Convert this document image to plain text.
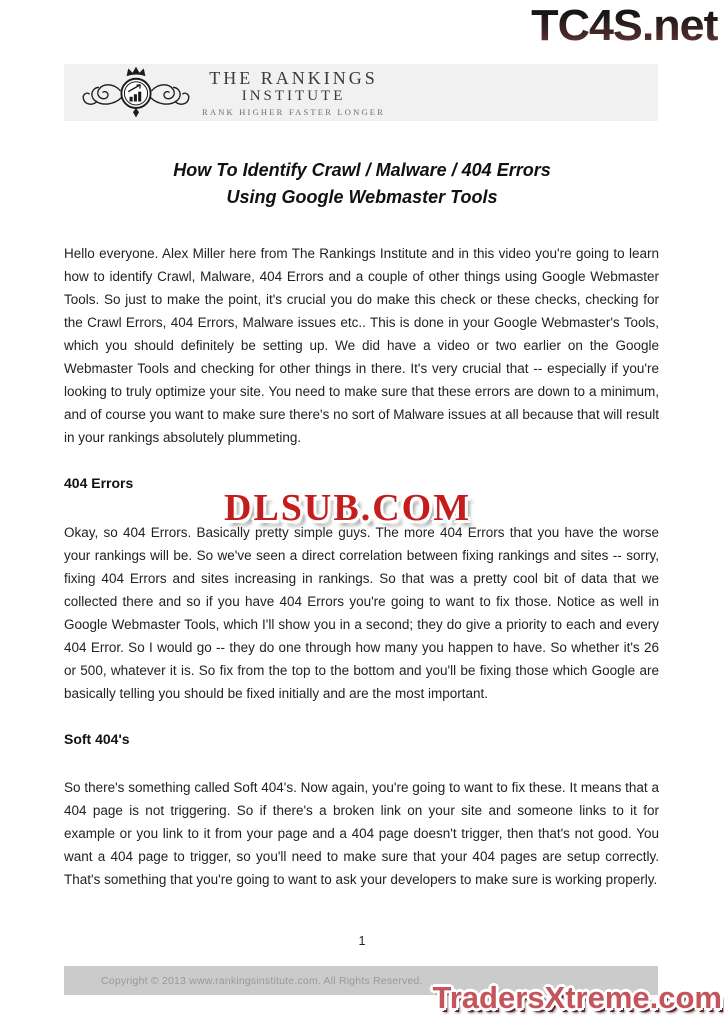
TC4S.net
THE RANKINGS
INSTITUTE
RANK HIGHER FASTER LONGER
How To Identify Crawl / Malware / 404 Errors
Using Google Webmaster Tools

Hello everyone. Alex Miller here from The Rankings Institute and in this video you're going to learn how to identify Crawl, Malware, 404 Errors and a couple of other things using Google Webmaster Tools. So just to make the point, it's crucial you do make this check or these checks, checking for the Crawl Errors, 404 Errors, Malware issues etc.. This is done in your Google Webmaster's Tools, which you should definitely be setting up. We did have a video or two earlier on the Google Webmaster Tools and checking for other things in there. It's very crucial that -- especially if you're looking to truly optimize your site. You need to make sure that these errors are down to a minimum, and of course you want to make sure there's no sort of Malware issues at all because that will result in your rankings absolutely plummeting.

404 Errors

Okay, so 404 Errors. Basically pretty simple guys. The more 404 Errors that you have the worse your rankings will be. So we've seen a direct correlation between fixing rankings and sites -- sorry, fixing 404 Errors and sites increasing in rankings. So that was a pretty cool bit of data that we collected there and so if you have 404 Errors you're going to want to fix those. Notice as well in Google Webmaster Tools, which I'll show you in a second; they do give a priority to each and every 404 Error. So I would go -- they do one through how many you happen to have. So whether it's 26 or 500, whatever it is. So fix from the top to the bottom and you'll be fixing those which Google are basically telling you should be fixed initially and are the most important.

Soft 404's

So there's something called Soft 404's. Now again, you're going to want to fix these. It means that a 404 page is not triggering. So if there's a broken link on your site and someone links to it for example or you link to it from your page and a 404 page doesn't trigger, then that's not good. You want a 404 page to trigger, so you'll need to make sure that your 404 pages are setup correctly. That's something that you're going to want to ask your developers to make sure is working properly.

DLSUB.COM
1
Copyright © 2013 www.rankingsinstitute.com. All Rights Reserved. TradersXtreme.com
